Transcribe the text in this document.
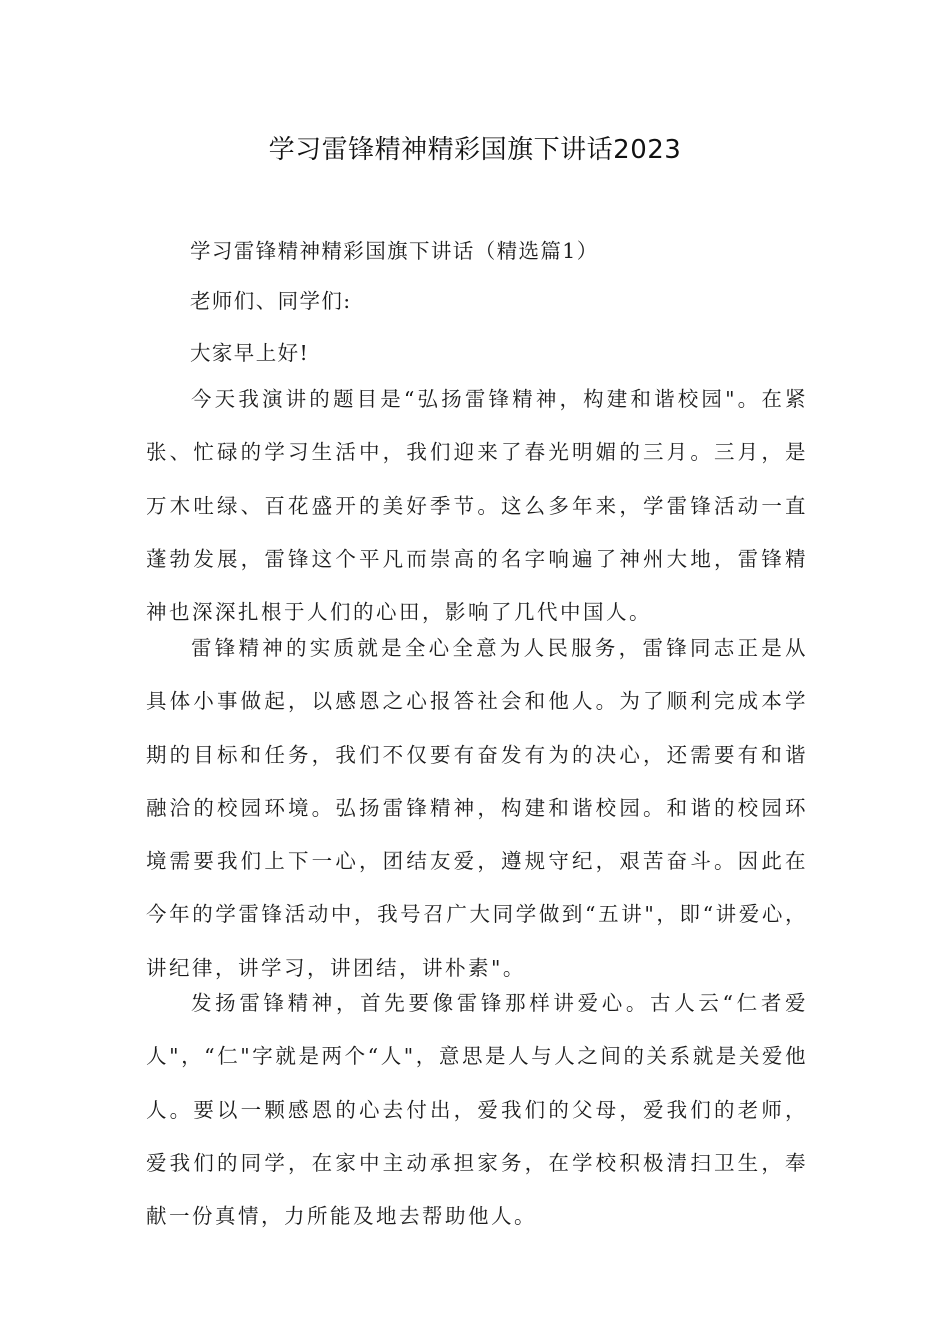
学习雷锋精神精彩国旗下讲话2023
学习雷锋精神精彩国旗下讲话（精选篇1）
老师们、同学们:
大家早上好!

今天我演讲的题目是“弘扬雷锋精神，构建和谐校园"。在紧张、忙碌的学习生活中，我们迎来了春光明媚的三月。三月，是万木吐绿、百花盛开的美好季节。这么多年来，学雷锋活动一直蓬勃发展，雷锋这个平凡而崇高的名字响遍了神州大地，雷锋精神也深深扎根于人们的心田，影响了几代中国人。

雷锋精神的实质就是全心全意为人民服务，雷锋同志正是从具体小事做起，以感恩之心报答社会和他人。为了顺利完成本学期的目标和任务，我们不仅要有奋发有为的决心，还需要有和谐融洽的校园环境。弘扬雷锋精神，构建和谐校园。和谐的校园环境需要我们上下一心，团结友爱，遵规守纪，艰苦奋斗。因此在今年的学雷锋活动中，我号召广大同学做到“五讲"，即“讲爱心，讲纪律，讲学习，讲团结，讲朴素"。

发扬雷锋精神，首先要像雷锋那样讲爱心。古人云“仁者爱人"，“仁"字就是两个“人"，意思是人与人之间的关系就是关爱他人。要以一颗感恩的心去付出，爱我们的父母，爱我们的老师，爱我们的同学，在家中主动承担家务，在学校积极清扫卫生，奉献一份真情，力所能及地去帮助他人。
